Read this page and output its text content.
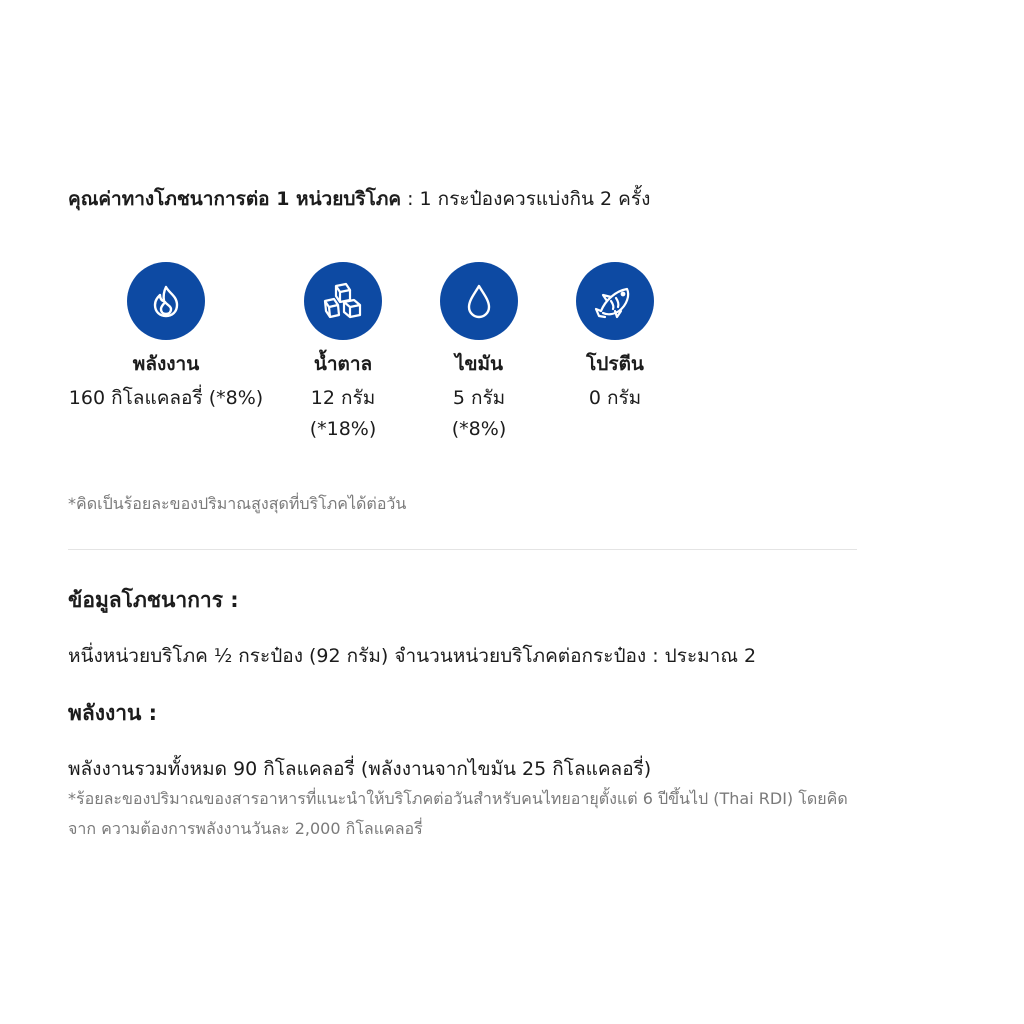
คุณค่าทางโภชนาการต่อ 1 หน่วยบริโภค : 1 กระป๋องควรแบ่งกิน 2 ครั้ง
พลังงาน
160 กิโลแคลอรี่ (*8%)
น้ำตาล
12 กรัม
(*18%)
ไขมัน
5 กรัม
(*8%)
โปรตีน
0 กรัม
*คิดเป็นร้อยละของปริมาณสูงสุดที่บริโภคได้ต่อวัน
ข้อมูลโภชนาการ :
หนึ่งหน่วยบริโภค ½ กระป๋อง (92 กรัม) จำนวนหน่วยบริโภคต่อกระป๋อง : ประมาณ 2
พลังงาน :
พลังงานรวมทั้งหมด 90 กิโลแคลอรี่ (พลังงานจากไขมัน 25 กิโลแคลอรี่)
*ร้อยละของปริมาณของสารอาหารที่แนะนำให้บริโภคต่อวันสำหรับคนไทยอายุตั้งแต่ 6 ปีขึ้นไป (Thai RDI) โดยคิดจาก ความต้องการพลังงานวันละ 2,000 กิโลแคลอรี่
